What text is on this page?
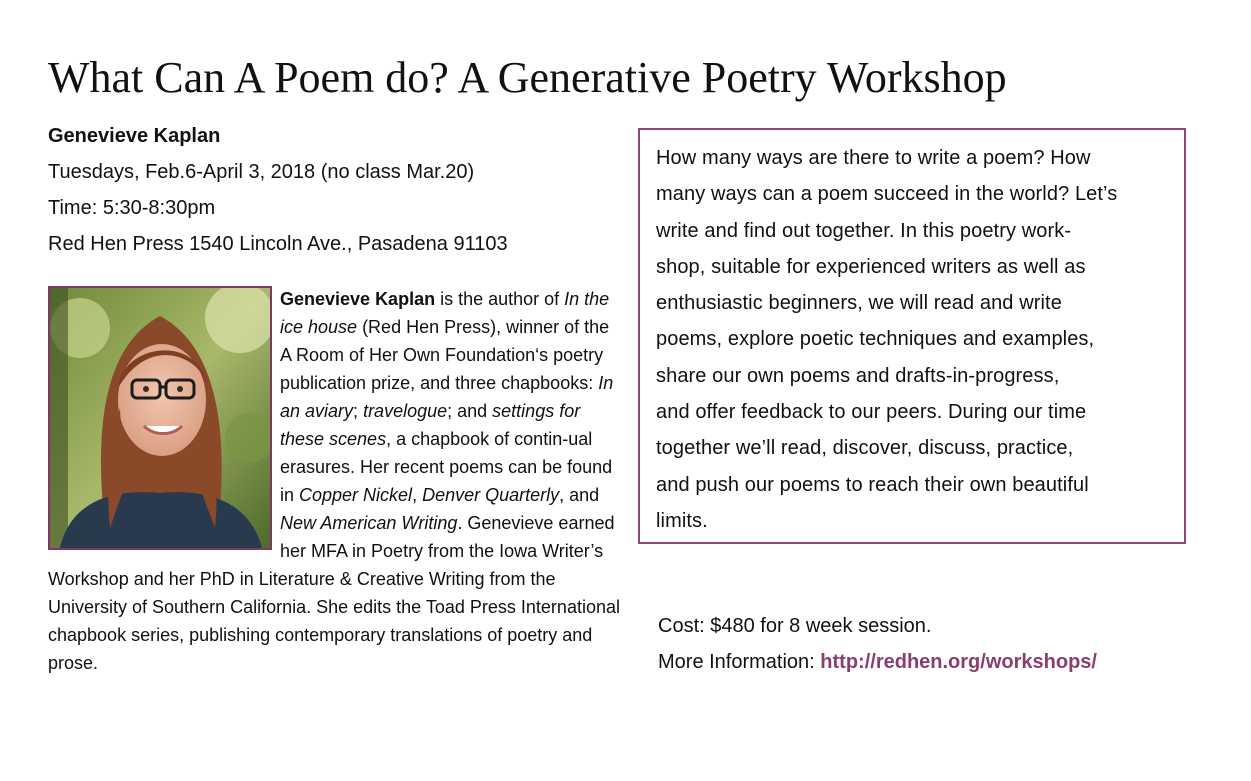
What Can A Poem do? A Generative Poetry Workshop
Genevieve Kaplan
Tuesdays, Feb.6-April 3, 2018 (no class Mar.20)
Time: 5:30-8:30pm
Red Hen Press 1540 Lincoln Ave., Pasadena 91103
Genevieve Kaplan is the author of In the ice house (Red Hen Press), winner of the A Room of Her Own Foundation‘s poetry publication prize, and three chapbooks: In an aviary; travelogue; and settings for these scenes, a chapbook of contin-ual erasures. Her recent poems can be found in Copper Nickel, Denver Quarterly, and New American Writing. Genevieve earned her MFA in Poetry from the Iowa Writer’s Workshop and her PhD in Literature & Creative Writing from the University of Southern California. She edits the Toad Press International chapbook series, publishing contemporary translations of poetry and prose.
How many ways are there to write a poem? How
many ways can a poem succeed in the world? Let’s
write and find out together. In this poetry work-
shop, suitable for experienced writers as well as
enthusiastic beginners, we will read and write
poems, explore poetic techniques and examples,
share our own poems and drafts-in-progress,
and offer feedback to our peers. During our time
together we’ll read, discover, discuss, practice,
and push our poems to reach their own beautiful
limits.
Cost: $480 for 8 week session.
More Information: http://redhen.org/workshops/
